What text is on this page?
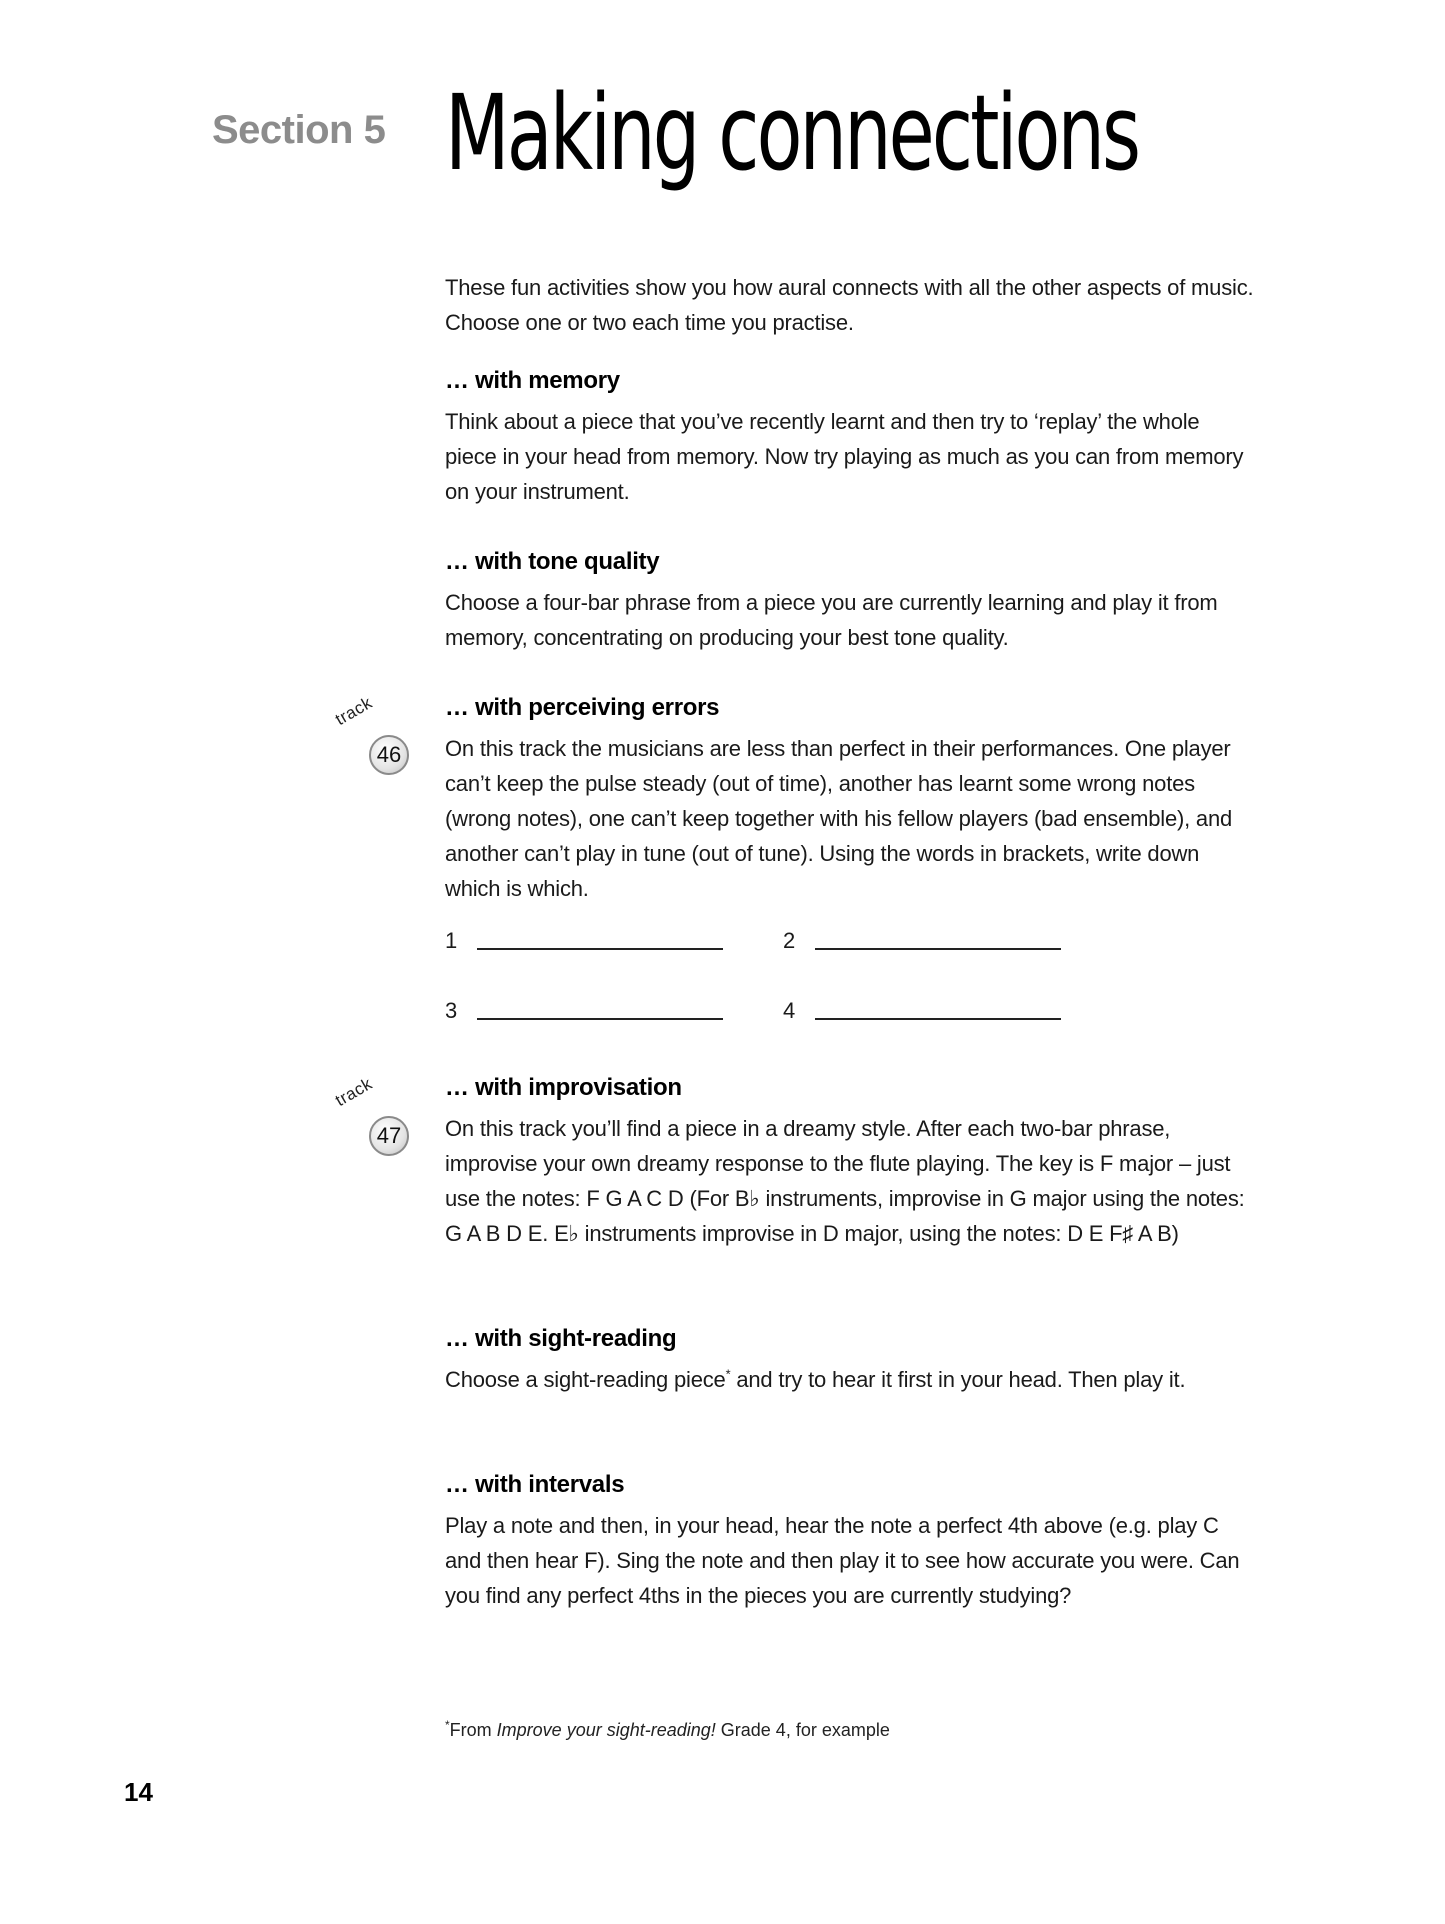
Section 5 Making connections

These fun activities show you how aural connects with all the other aspects of music. Choose one or two each time you practise.

… with memory

Think about a piece that you’ve recently learnt and then try to ‘replay’ the whole piece in your head from memory. Now try playing as much as you can from memory on your instrument.

… with tone quality

Choose a four-bar phrase from a piece you are currently learning and play it from memory, concentrating on producing your best tone quality.

… with perceiving errors

On this track the musicians are less than perfect in their performances. One player can’t keep the pulse steady (out of time), another has learnt some wrong notes (wrong notes), one can’t keep together with his fellow players (bad ensemble), and another can’t play in tune (out of tune). Using the words in brackets, write down which is which.

1	2
3	4
… with improvisation

On this track you’ll find a piece in a dreamy style. After each two-bar phrase, improvise your own dreamy response to the flute playing. The key is F major – just use the notes: F G A C D (For B♭ instruments, improvise in G major using the notes: G A B D E. E♭ instruments improvise in D major, using the notes: D E F♯ A B)

… with sight-reading

Choose a sight-reading piece* and try to hear it first in your head. Then play it.

… with intervals

Play a note and then, in your head, hear the note a perfect 4th above (e.g. play C and then hear F). Sing the note and then play it to see how accurate you were. Can you find any perfect 4ths in the pieces you are currently studying?

track
46
track
47
*From Improve your sight-reading! Grade 4, for example
14
